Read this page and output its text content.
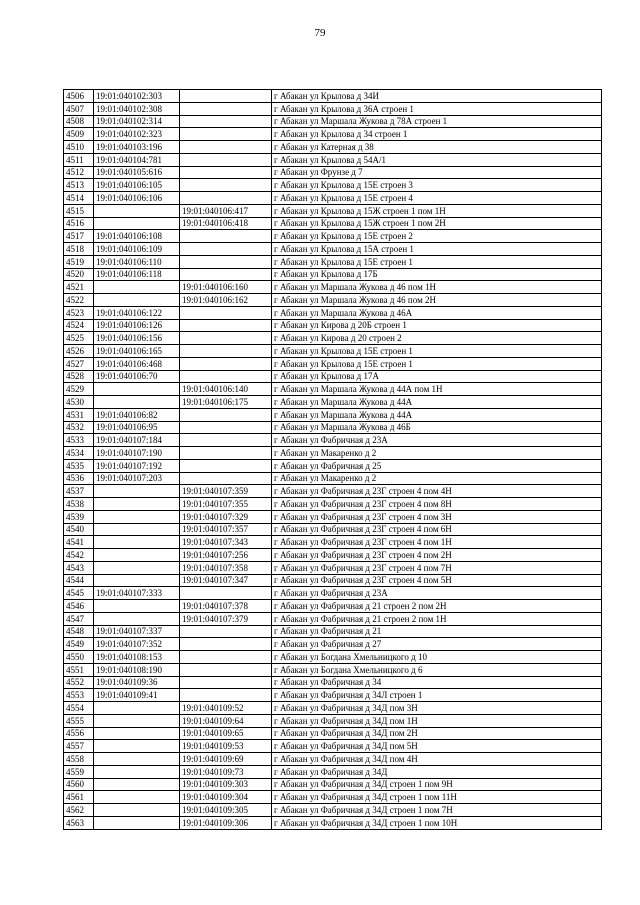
79
4506	19:01:040102:303		г Абакан ул Крылова д 34И
4507	19:01:040102:308		г Абакан ул Крылова д 36А строен 1
4508	19:01:040102:314		г Абакан ул Маршала Жукова д 78А строен 1
4509	19:01:040102:323		г Абакан ул Крылова д 34 строен 1
4510	19:01:040103:196		г Абакан ул Катерная д 38
4511	19:01:040104:781		г Абакан ул Крылова д 54А/1
4512	19:01:040105:616		г Абакан ул Фрунзе д 7
4513	19:01:040106:105		г Абакан ул Крылова д 15Е строен 3
4514	19:01:040106:106		г Абакан ул Крылова д 15Е строен 4
4515		19:01:040106:417	г Абакан ул Крылова д 15Ж строен 1 пом 1Н
4516		19:01:040106:418	г Абакан ул Крылова д 15Ж строен 1 пом 2Н
4517	19:01:040106:108		г Абакан ул Крылова д 15Е строен 2
4518	19:01:040106:109		г Абакан ул Крылова д 15А строен 1
4519	19:01:040106:110		г Абакан ул Крылова д 15Е строен 1
4520	19:01:040106:118		г Абакан ул Крылова д 17Б
4521		19:01:040106:160	г Абакан ул Маршала Жукова д 46 пом 1Н
4522		19:01:040106:162	г Абакан ул Маршала Жукова д 46 пом 2Н
4523	19:01:040106:122		г Абакан ул Маршала Жукова д 46А
4524	19:01:040106:126		г Абакан ул Кирова д 20Б строен 1
4525	19:01:040106:156		г Абакан ул Кирова д 20 строен 2
4526	19:01:040106:165		г Абакан ул Крылова д 15Е строен 1
4527	19:01:040106:468		г Абакан ул Крылова д 15Е строен 1
4528	19:01:040106:70		г Абакан ул Крылова д 17А
4529		19:01:040106:140	г Абакан ул Маршала Жукова д 44А пом 1Н
4530		19:01:040106:175	г Абакан ул Маршала Жукова д 44А
4531	19:01:040106:82		г Абакан ул Маршала Жукова д 44А
4532	19:01:040106:95		г Абакан ул Маршала Жукова д 46Б
4533	19:01:040107:184		г Абакан ул Фабричная д 23А
4534	19:01:040107:190		г Абакан ул Макаренко д 2
4535	19:01:040107:192		г Абакан ул Фабричная д 25
4536	19:01:040107:203		г Абакан ул Макаренко д 2
4537		19:01:040107:359	г Абакан ул Фабричная д 23Г строен 4 пом 4Н
4538		19:01:040107:355	г Абакан ул Фабричная д 23Г строен 4 пом 8Н
4539		19:01:040107:329	г Абакан ул Фабричная д 23Г строен 4 пом 3Н
4540		19:01:040107:357	г Абакан ул Фабричная д 23Г строен 4 пом 6Н
4541		19:01:040107:343	г Абакан ул Фабричная д 23Г строен 4 пом 1Н
4542		19:01:040107:256	г Абакан ул Фабричная д 23Г строен 4 пом 2Н
4543		19:01:040107:358	г Абакан ул Фабричная д 23Г строен 4 пом 7Н
4544		19:01:040107:347	г Абакан ул Фабричная д 23Г строен 4 пом 5Н
4545	19:01:040107:333		г Абакан ул Фабричная д 23А
4546		19:01:040107:378	г Абакан ул Фабричная д 21 строен 2 пом 2Н
4547		19:01:040107:379	г Абакан ул Фабричная д 21 строен 2 пом 1Н
4548	19:01:040107:337		г Абакан ул Фабричная д 21
4549	19:01:040107:352		г Абакан ул Фабричная д 27
4550	19:01:040108:153		г Абакан ул Богдана Хмельницкого д 10
4551	19:01:040108:190		г Абакан ул Богдана Хмельницкого д 6
4552	19:01:040109:36		г Абакан ул Фабричная д 34
4553	19:01:040109:41		г Абакан ул Фабричная д 34Л строен 1
4554		19:01:040109:52	г Абакан ул Фабричная д 34Д пом 3Н
4555		19:01:040109:64	г Абакан ул Фабричная д 34Д пом 1Н
4556		19:01:040109:65	г Абакан ул Фабричная д 34Д пом 2Н
4557		19:01:040109:53	г Абакан ул Фабричная д 34Д пом 5Н
4558		19:01:040109:69	г Абакан ул Фабричная д 34Д пом 4Н
4559		19:01:040109:73	г Абакан ул Фабричная д 34Д
4560		19:01:040109:303	г Абакан ул Фабричная д 34Д строен 1 пом 9Н
4561		19:01:040109:304	г Абакан ул Фабричная д 34Д строен 1 пом 11Н
4562		19:01:040109:305	г Абакан ул Фабричная д 34Д строен 1 пом 7Н
4563		19:01:040109:306	г Абакан ул Фабричная д 34Д строен 1 пом 10Н
